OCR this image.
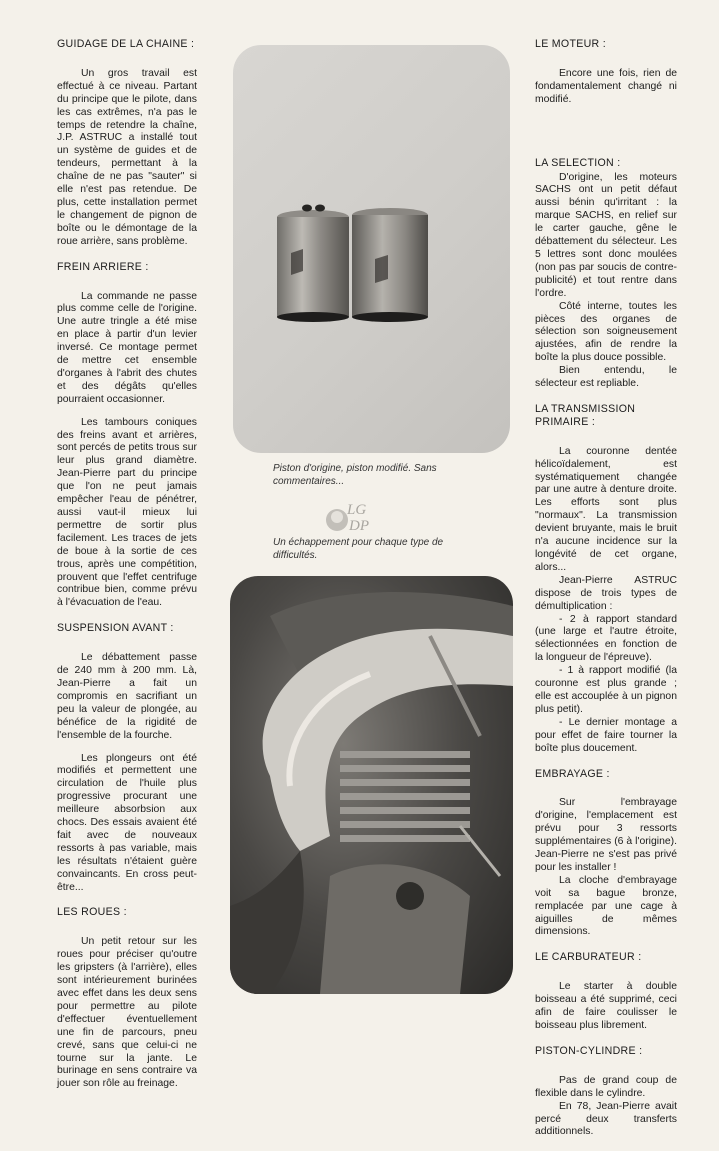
GUIDAGE DE LA CHAINE :

Un gros travail est effectué à ce niveau. Partant du principe que le pilote, dans les cas extrêmes, n'a pas le temps de retendre la chaîne, J.P. ASTRUC a installé tout un système de guides et de tendeurs, permettant à la chaîne de ne pas "sauter" si elle n'est pas retendue. De plus, cette installation permet le changement de pignon de boîte ou le démontage de la roue arrière, sans problème.

FREIN ARRIERE :

La commande ne passe plus comme celle de l'origine. Une autre tringle a été mise en place à partir d'un levier inversé. Ce montage permet de mettre cet ensemble d'organes à l'abrit des chutes et des dégâts qu'elles pourraient occasionner.

Les tambours coniques des freins avant et arrières, sont percés de petits trous sur leur plus grand diamètre. Jean-Pierre part du principe que l'on ne peut jamais empêcher l'eau de pénétrer, aussi vaut-il mieux lui permettre de sortir plus facilement. Les traces de jets de boue à la sortie de ces trous, après une compétition, prouvent que l'effet centrifuge contribue bien, comme prévu à l'évacuation de l'eau.

SUSPENSION AVANT :

Le débattement passe de 240 mm à 200 mm. Là, Jean-Pierre a fait un compromis en sacrifiant un peu la valeur de plongée, au bénéfice de la rigidité de l'ensemble de la fourche.

Les plongeurs ont été modifiés et permettent une circulation de l'huile plus progressive procurant une meilleure absorbsion aux chocs. Des essais avaient été fait avec de nouveaux ressorts à pas variable, mais les résultats n'étaient guère convaincants. En cross peut-être...

LES ROUES :

Un petit retour sur les roues pour préciser qu'outre les gripsters (à l'arrière), elles sont intérieurement burinées avec effet dans les deux sens pour permettre au pilote d'effectuer éventuellement une fin de parcours, pneu crevé, sans que celui-ci ne tourne sur la jante. Le burinage en sens contraire va jouer son rôle au freinage.

Piston d'origine, piston modifié. Sans commentaires...
LG
DP
Un échappement pour chaque type de difficultés.
LE MOTEUR :

Encore une fois, rien de fondamentalement changé ni modifié.

LA SELECTION :

D'origine, les moteurs SACHS ont un petit défaut aussi bénin qu'irritant : la marque SACHS, en relief sur le carter gauche, gêne le débattement du sélecteur. Les 5 lettres sont donc moulées (non pas par soucis de contre-publicité) et tout rentre dans l'ordre.

Côté interne, toutes les pièces des organes de sélection son soigneusement ajustées, afin de rendre la boîte la plus douce possible.

Bien entendu, le sélecteur est repliable.

LA TRANSMISSION PRIMAIRE :

La couronne dentée hélicoïdalement, est systématiquement changée par une autre à denture droite. Les efforts sont plus "normaux". La transmission devient bruyante, mais le bruit n'a aucune incidence sur la longévité de cet organe, alors...

Jean-Pierre ASTRUC dispose de trois types de démultiplication :

- 2 à rapport standard (une large et l'autre étroite, sélectionnées en fonction de la longueur de l'épreuve).

- 1 à rapport modifié (la couronne est plus grande ; elle est accouplée à un pignon plus petit).

- Le dernier montage a pour effet de faire tourner la boîte plus doucement.

EMBRAYAGE :

Sur l'embrayage d'origine, l'emplacement est prévu pour 3 ressorts supplémentaires (6 à l'origine). Jean-Pierre ne s'est pas privé pour les installer !

La cloche d'embrayage voit sa bague bronze, remplacée par une cage à aiguilles de mêmes dimensions.

LE CARBURATEUR :

Le starter à double boisseau a été supprimé, ceci afin de faire coulisser le boisseau plus librement.

PISTON-CYLINDRE :

Pas de grand coup de flexible dans le cylindre.

En 78, Jean-Pierre avait percé deux transferts additionnels.
